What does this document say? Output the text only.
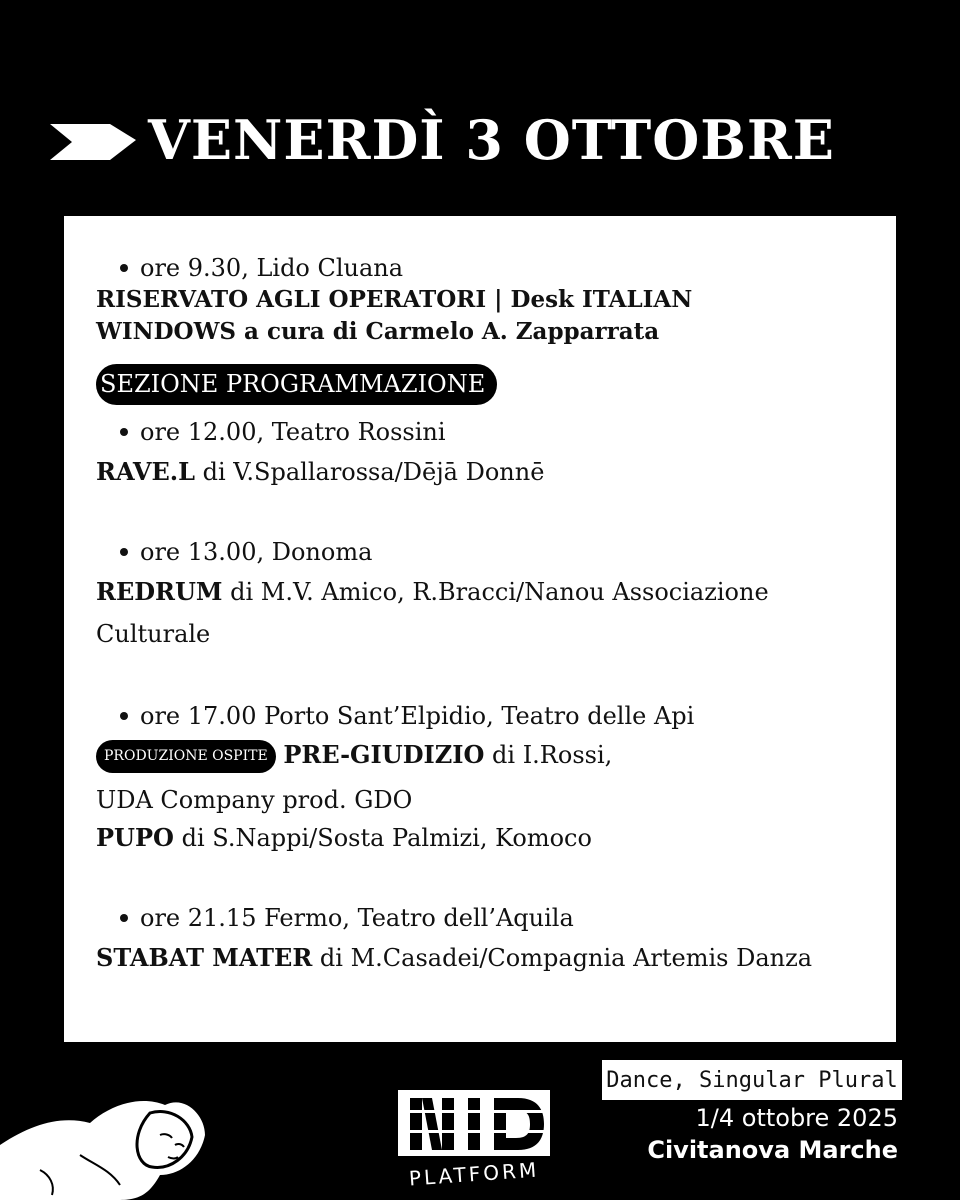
VENERDÌ 3 OTTOBRE
ore 9.30, Lido Cluana
RISERVATO AGLI OPERATORI | Desk ITALIAN
WINDOWS a cura di Carmelo A. Zapparrata
SEZIONE PROGRAMMAZIONE
ore 12.00, Teatro Rossini
RAVE.L di V.Spallarossa/Dējā Donnē
ore 13.00, Donoma
REDRUM di M.V. Amico, R.Bracci/Nanou Associazione
Culturale
ore 17.00 Porto Sant’Elpidio, Teatro delle Api
PRODUZIONE OSPITE PRE-GIUDIZIO di I.Rossi,
UDA Company prod. GDO
PUPO di S.Nappi/Sosta Palmizi, Komoco
ore 21.15 Fermo, Teatro dell’Aquila
STABAT MATER di M.Casadei/Compagnia Artemis Danza
PLATFORM
Dance, Singular Plural
1/4 ottobre 2025
Civitanova Marche
